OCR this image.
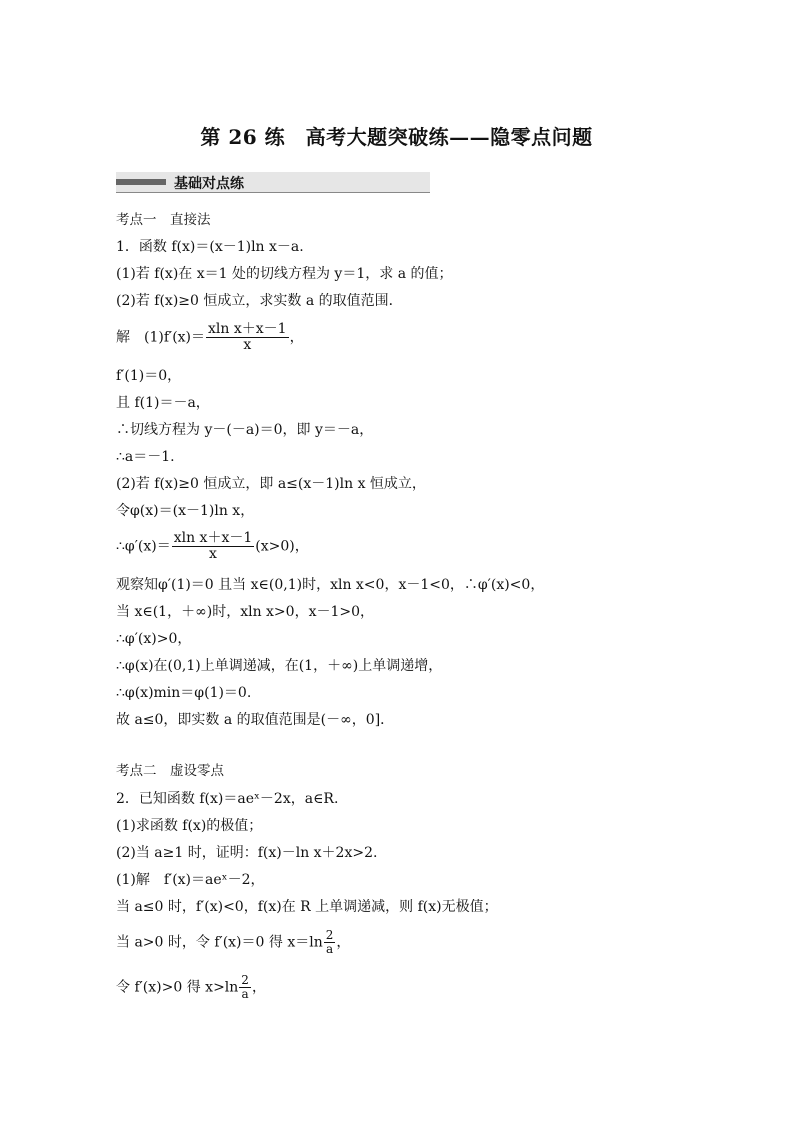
第 26 练　高考大题突破练——隐零点问题
基础对点练
考点一　直接法
1．函数 f(x)＝(x－1)ln x－a.
(1)若 f(x)在 x＝1 处的切线方程为 y＝1，求 a 的值；
(2)若 f(x)≥0 恒成立，求实数 a 的取值范围．
解　$(1)f'(x)= \frac{\text{xln x＋x－1}}{x}$ ，
f′(1)＝0，
且 f(1)＝－a，
∴切线方程为 y－(－a)＝0，即 y＝－a，
∴a＝－1.
(2)若 f(x)≥0 恒成立，即 a≤(x－1)ln x 恒成立，
令φ(x)＝(x－1)ln x，
∴φ′(x)＝ $\frac{\text{xln x＋x－1}}{x} (x>0)$，
观察知φ′(1)＝0 且当 x∈(0,1)时，xln x<0，x－1<0，∴φ′(x)<0，
当 x∈(1，＋∞)时，xln x>0，x－1>0，
∴φ′(x)>0，
∴φ(x)在(0,1)上单调递减，在(1，＋∞)上单调递增，
∴φ(x)min＝φ(1)＝0.
故 a≤0，即实数 a 的取值范围是(－∞，0]．
考点二　虚设零点
2．已知函数 f(x)＝aeˣ－2x，a∈R.
(1)求函数 f(x)的极值；
(2)当 a≥1 时，证明：f(x)－ln x＋2x>2.
(1)解　f′(x)＝aeˣ－2，
当 a≤0 时，f′(x)<0，f(x)在 R 上单调递减，则 f(x)无极值；
当 a>0 时，令 f′(x)＝0 得 $x=\ln \frac{2}{a}$ ，
令 f′(x)>0 得 $x>\ln \frac{2}{a}$ ，
